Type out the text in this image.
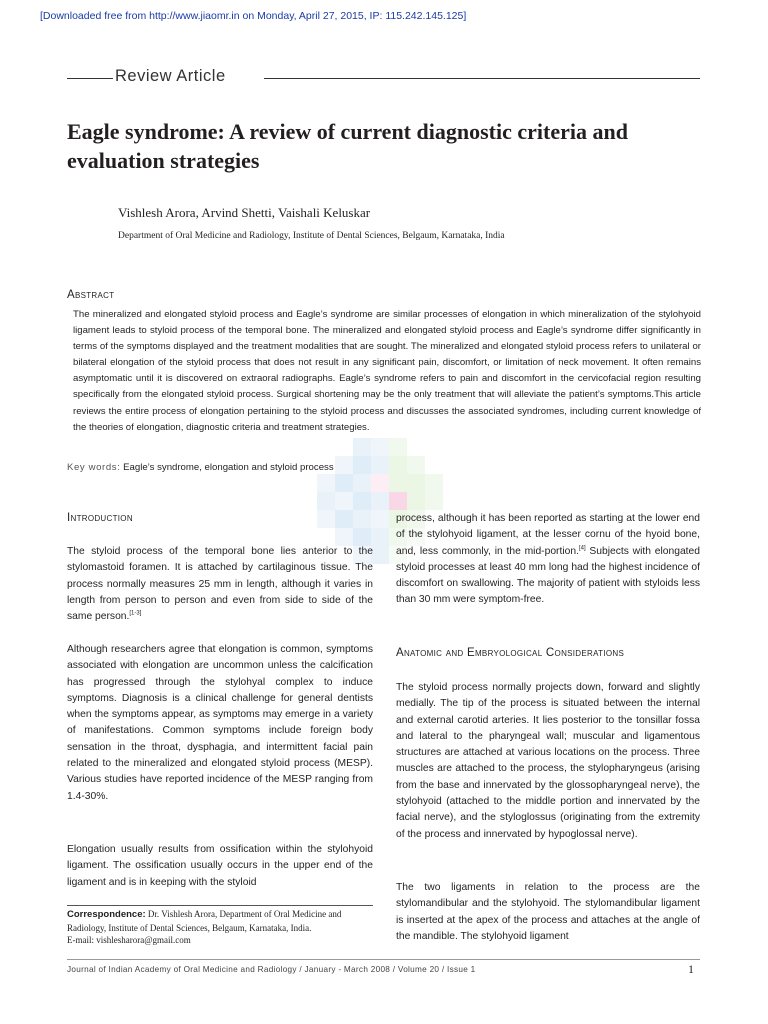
[Downloaded free from http://www.jiaomr.in on Monday, April 27, 2015, IP: 115.242.145.125]
Review Article
Eagle syndrome: A review of current diagnostic criteria and evaluation strategies
Vishlesh Arora, Arvind Shetti, Vaishali Keluskar
Department of Oral Medicine and Radiology, Institute of Dental Sciences, Belgaum, Karnataka, India
Abstract
The mineralized and elongated styloid process and Eagle’s syndrome are similar processes of elongation in which mineralization of the stylohyoid ligament leads to styloid process of the temporal bone. The mineralized and elongated styloid process and Eagle’s syndrome differ significantly in terms of the symptoms displayed and the treatment modalities that are sought. The mineralized and elongated styloid process refers to unilateral or bilateral elongation of the styloid process that does not result in any significant pain, discomfort, or limitation of neck movement. It often remains asymptomatic until it is discovered on extraoral radiographs. Eagle’s syndrome refers to pain and discomfort in the cervicofacial region resulting specifically from the elongated styloid process. Surgical shortening may be the only treatment that will alleviate the patient’s symptoms.This article reviews the entire process of elongation pertaining to the styloid process and discusses the associated syndromes, including current knowledge of the theories of elongation, diagnostic criteria and treatment strategies.
Key words: Eagle’s syndrome, elongation and styloid process
Introduction

The styloid process of the temporal bone lies anterior to the stylomastoid foramen. It is attached by cartilaginous tissue. The process normally measures 25 mm in length, although it varies in length from person to person and even from side to side of the same person.[1-3]

Although researchers agree that elongation is common, symptoms associated with elongation are uncommon unless the calcification has progressed through the stylohyal complex to induce symptoms. Diagnosis is a clinical challenge for general dentists when the symptoms appear, as symptoms may emerge in a variety of manifestations. Common symptoms include foreign body sensation in the throat, dysphagia, and intermittent facial pain related to the mineralized and elongated styloid process (MESP). Various studies have reported incidence of the MESP ranging from 1.4-30%.
Elongation usually results from ossification within the stylohyoid ligament. The ossification usually occurs in the upper end of the ligament and is in keeping with the styloid

process, although it has been reported as starting at the lower end of the stylohyoid ligament, at the lesser cornu of the hyoid bone, and, less commonly, in the mid-portion.[4] Subjects with elongated styloid processes at least 40 mm long had the highest incidence of discomfort on swallowing. The majority of patient with styloids less than 30 mm were symptom-free.

Anatomic and Embryological Considerations
The styloid process normally projects down, forward and slightly medially. The tip of the process is situated between the internal and external carotid arteries. It lies posterior to the tonsillar fossa and lateral to the pharyngeal wall; muscular and ligamentous structures are attached at various locations on the process. Three muscles are attached to the process, the stylopharyngeus (arising from the base and innervated by the glossopharyngeal nerve), the stylohyoid (attached to the middle portion and innervated by the facial nerve), and the styloglossus (originating from the extremity of the process and innervated by hypoglossal nerve).
The two ligaments in relation to the process are the stylomandibular and the stylohyoid. The stylomandibular ligament is inserted at the apex of the process and attaches at the angle of the mandible. The stylohyoid ligament
Correspondence: Dr. Vishlesh Arora, Department of Oral Medicine and Radiology, Institute of Dental Sciences, Belgaum, Karnataka, India.
E-mail: vishlesharora@gmail.com
Journal of Indian Academy of Oral Medicine and Radiology / January - March 2008 / Volume 20 / Issue 1	1
